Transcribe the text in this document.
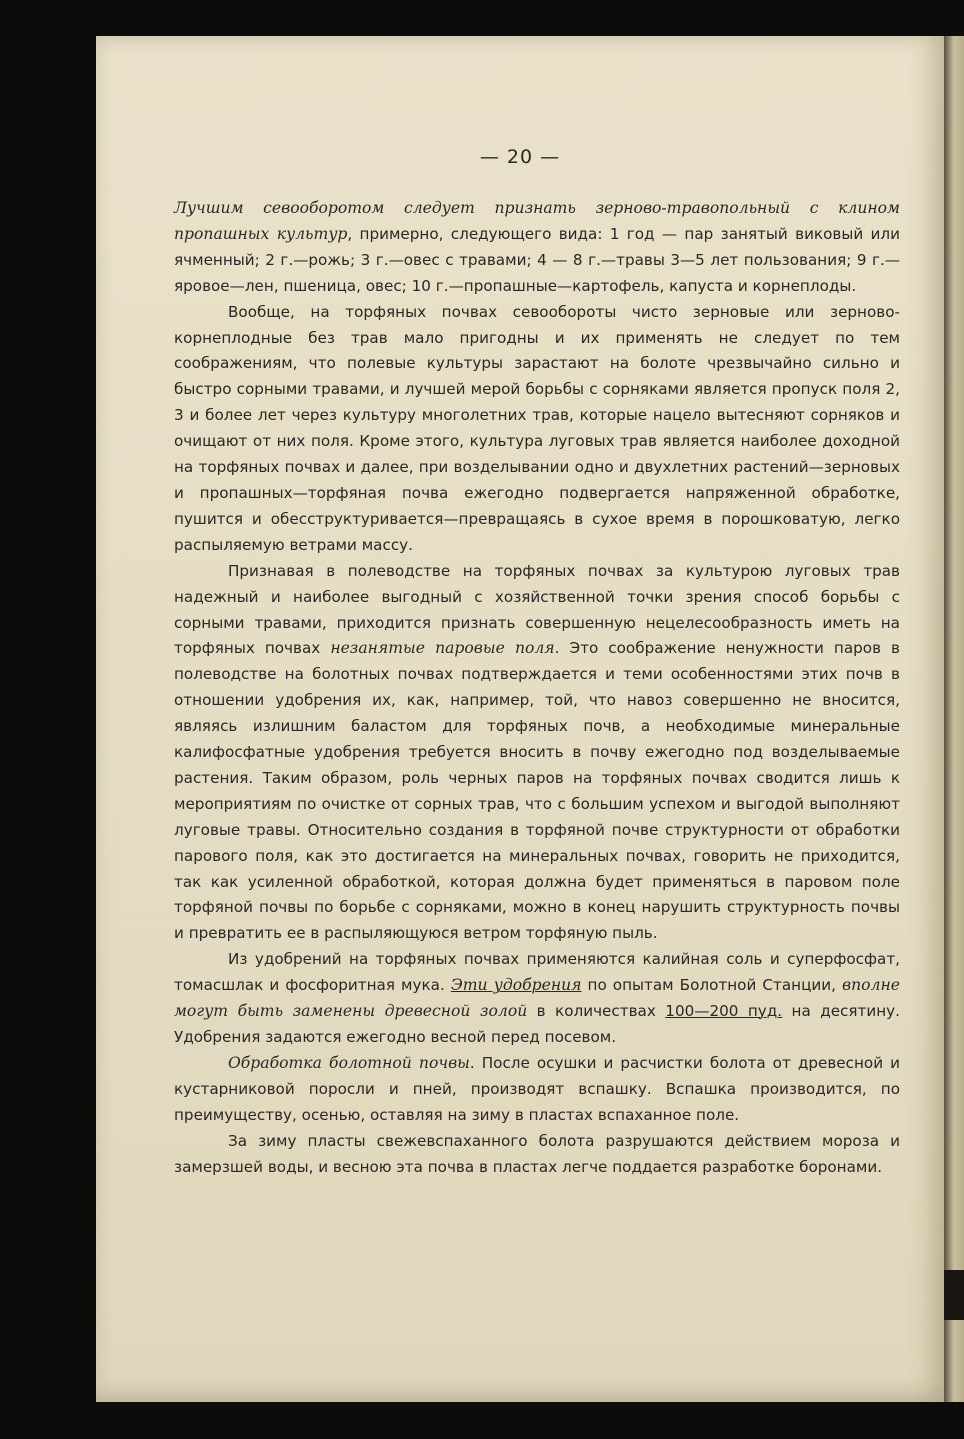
— 20 —

Лучшим севооборотом следует признать зерново-травопольный с клином пропашных культур, примерно, следующего вида: 1 год — пар занятый виковый или ячменный; 2 г.—рожь; 3 г.—овес с травами; 4 — 8 г.—травы 3—5 лет пользования; 9 г.—яровое—лен, пшеница, овес; 10 г.—пропашные—картофель, капуста и корнеплоды.

Вообще, на торфяных почвах севообороты чисто зерновые или зерново-корнеплодные без трав мало пригодны и их применять не следует по тем соображениям, что полевые культуры зарастают на болоте чрезвычайно сильно и быстро сорными травами, и лучшей мерой борьбы с сорняками является пропуск поля 2, 3 и более лет через культуру многолетних трав, которые нацело вытесняют сорняков и очищают от них поля. Кроме этого, культура луговых трав является наиболее доходной на торфяных почвах и далее, при возделывании одно и двухлетних растений—зерновых и пропашных—торфяная почва ежегодно подвергается напряженной обработке, пушится и обесструктуривается—превращаясь в сухое время в порошковатую, легко распыляемую ветрами массу.

Признавая в полеводстве на торфяных почвах за культурою луговых трав надежный и наиболее выгодный с хозяйственной точки зрения способ борьбы с сорными травами, приходится признать совершенную нецелесообразность иметь на торфяных почвах незанятые паровые поля. Это соображение ненужности паров в полеводстве на болотных почвах подтверждается и теми особенностями этих почв в отношении удобрения их, как, например, той, что навоз совершенно не вносится, являясь излишним баластом для торфяных почв, а необходимые минеральные калифосфатные удобрения требуется вносить в почву ежегодно под возделываемые растения. Таким образом, роль черных паров на торфяных почвах сводится лишь к мероприятиям по очистке от сорных трав, что с большим успехом и выгодой выполняют луговые травы. Относительно создания в торфяной почве структурности от обработки парового поля, как это достигается на минеральных почвах, говорить не приходится, так как усиленной обработкой, которая должна будет применяться в паровом поле торфяной почвы по борьбе с сорняками, можно в конец нарушить структурность почвы и превратить ее в распыляющуюся ветром торфяную пыль.

Из удобрений на торфяных почвах применяются калийная соль и суперфосфат, томасшлак и фосфоритная мука. Эти удобрения по опытам Болотной Станции, вполне могут быть заменены древесной золой в количествах 100—200 пуд. на десятину. Удобрения задаются ежегодно весной перед посевом.

Обработка болотной почвы. После осушки и расчистки болота от древесной и кустарниковой поросли и пней, производят вспашку. Вспашка производится, по преимуществу, осенью, оставляя на зиму в пластах вспаханное поле.

За зиму пласты свежевспаханного болота разрушаются действием мороза и замерзшей воды, и весною эта почва в пластах легче поддается разработке боронами.
